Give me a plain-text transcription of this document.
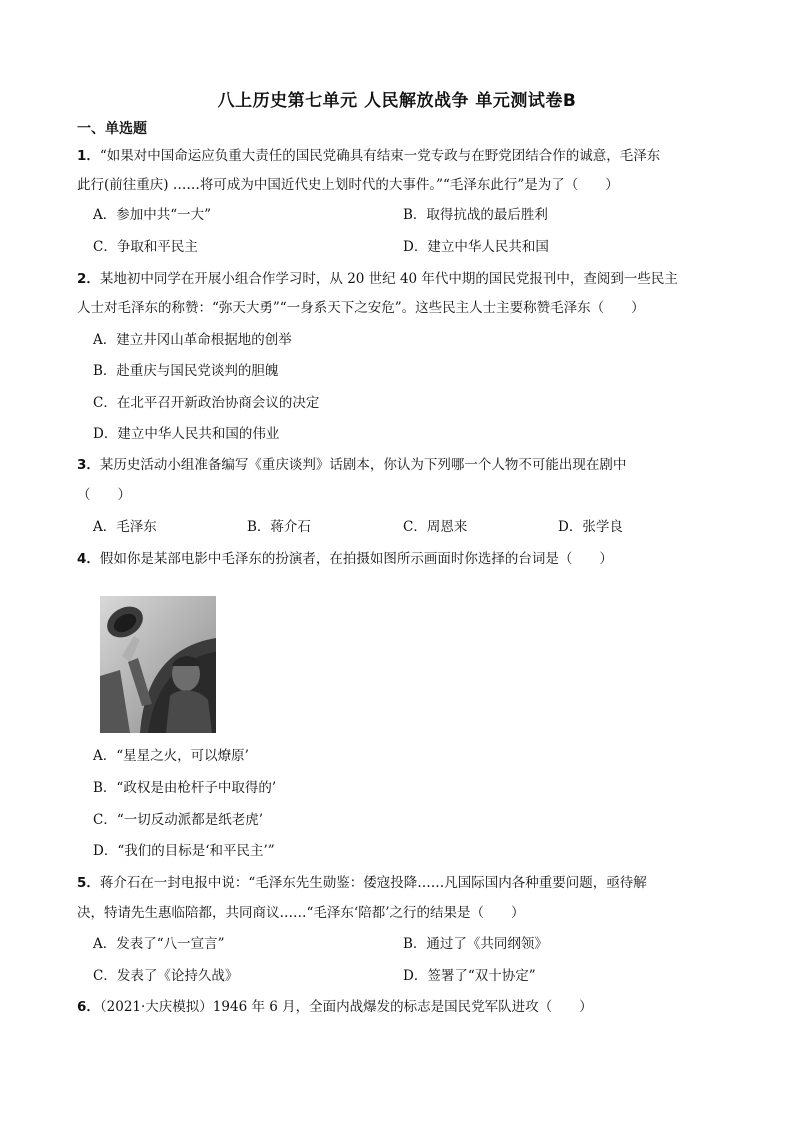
八上历史第七单元 人民解放战争 单元测试卷B
一、单选题
1．“如果对中国命运应负重大责任的国民党确具有结束一党专政与在野党团结合作的诚意，毛泽东
此行(前往重庆) ……将可成为中国近代史上划时代的大事件。”“毛泽东此行”是为了（　　）
A．参加中共“一大”	B．取得抗战的最后胜利
C．争取和平民主	D．建立中华人民共和国
2．某地初中同学在开展小组合作学习时，从 20 世纪 40 年代中期的国民党报刊中，查阅到一些民主
人士对毛泽东的称赞：“弥天大勇”“一身系天下之安危”。这些民主人士主要称赞毛泽东（　　）
A．建立井冈山革命根据地的创举
B．赴重庆与国民党谈判的胆魄
C．在北平召开新政治协商会议的决定
D．建立中华人民共和国的伟业
3．某历史活动小组准备编写《重庆谈判》话剧本，你认为下列哪一个人物不可能出现在剧中
（　　）
A．毛泽东	B．蒋介石	C．周恩来	D．张学良
4．假如你是某部电影中毛泽东的扮演者，在拍摄如图所示画面时你选择的台词是（　　）
A．“星星之火，可以燎原’
B．“政权是由枪杆子中取得的’
C．“一切反动派都是纸老虎’
D．“我们的目标是‘和平民主’”
5．蒋介石在一封电报中说：“毛泽东先生勋鉴：倭寇投降……凡国际国内各种重要问题，亟待解
决，特请先生惠临陪都，共同商议……“毛泽东‘陪都’之行的结果是（　　）
A．发表了“八一宣言”	B．通过了《共同纲领》
C．发表了《论持久战》	D．签署了“双十协定”
6．（2021·大庆模拟）1946 年 6 月，全面内战爆发的标志是国民党军队进攻（　　）
